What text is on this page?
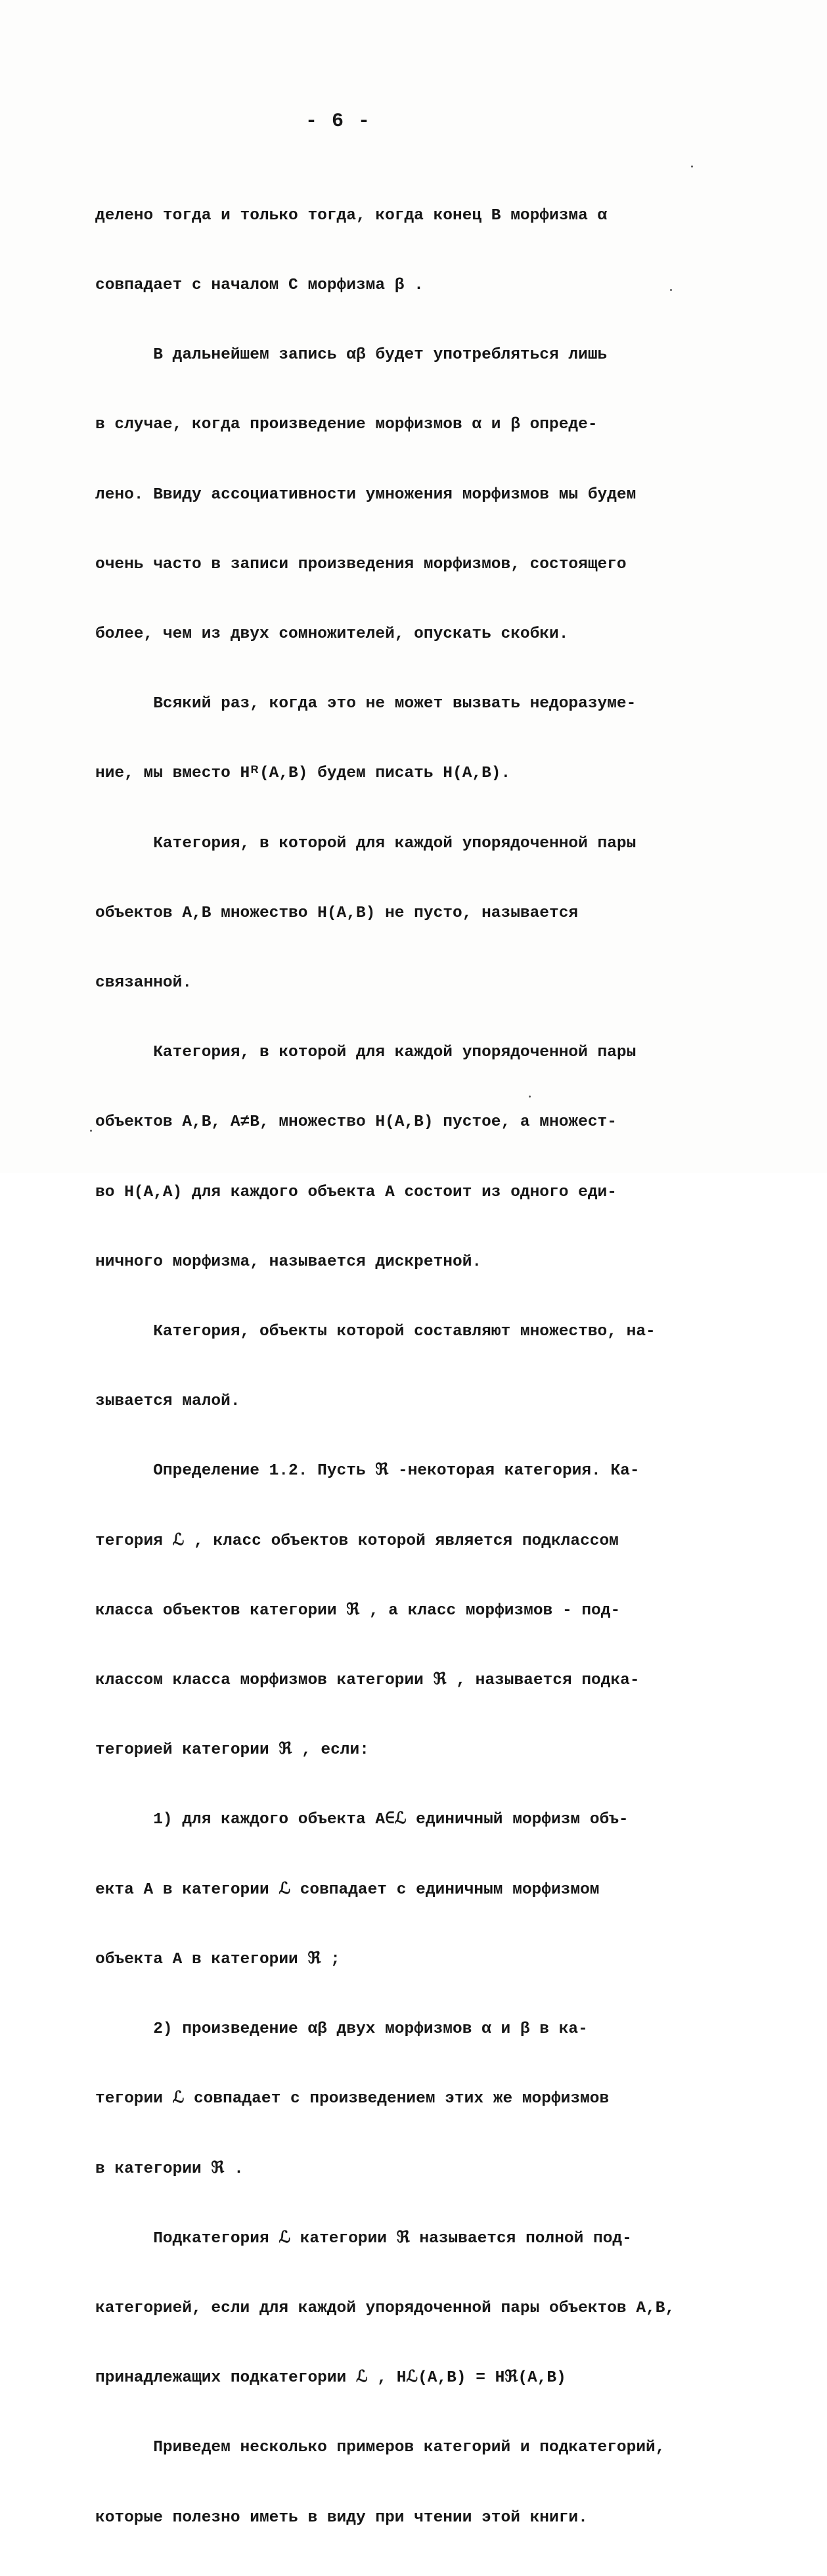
- 6 -

делено тогда и только тогда, когда конец B морфизма α

совпадает с началом C морфизма β .

В дальнейшем запись αβ будет употребляться лишь

в случае, когда произведение морфизмов α и β опреде-

лено. Ввиду ассоциативности умножения морфизмов мы будем

очень часто в записи произведения морфизмов, состоящего

более, чем из двух сомножителей, опускать скобки.

Всякий раз, когда это не может вызвать недоразуме-

ние, мы вместо Hᴿ(A,B) будем писать H(A,B).

Категория, в которой для каждой упорядоченной пары

объектов A,B множество H(A,B) не пусто, называется

связанной.

Категория, в которой для каждой упорядоченной пары

объектов A,B, A≠B, множество H(A,B) пустое, а множест-

во H(A,A) для каждого объекта A состоит из одного еди-

ничного морфизма, называется дискретной.

Категория, объекты которой составляют множество, на-

зывается малой.

Определение 1.2. Пусть ℜ -некоторая категория. Ка-

тегория ℒ , класс объектов которой является подклассом

класса объектов категории ℜ , а класс морфизмов - под-

классом класса морфизмов категории ℜ , называется подка-

тегорией категории ℜ , если:

1) для каждого объекта A∈ℒ единичный морфизм объ-

екта A в категории ℒ совпадает с единичным морфизмом

объекта A в категории ℜ ;

2) произведение αβ двух морфизмов α и β в ка-

тегории ℒ совпадает с произведением этих же морфизмов

в категории ℜ .

Подкатегория ℒ категории ℜ называется полной под-

категорией, если для каждой упорядоченной пары объектов A,B,

принадлежащих подкатегории ℒ , Hℒ(A,B) = Hℜ(A,B)

Приведем несколько примеров категорий и подкатегорий,

которые полезно иметь в виду при чтении этой книги.
